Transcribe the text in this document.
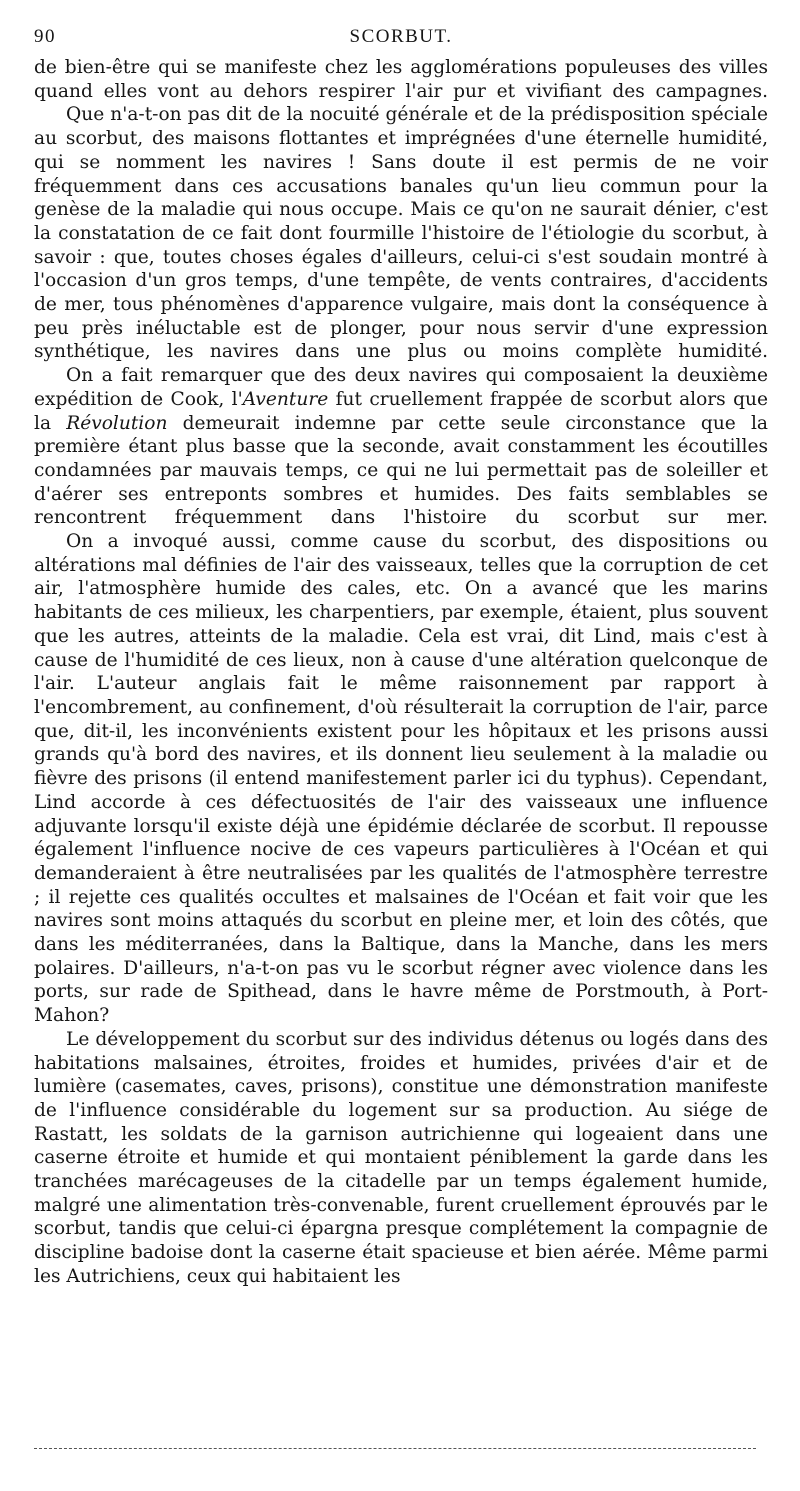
90	SCORBUT.

de bien-être qui se manifeste chez les agglomérations populeuses des villes quand elles vont au dehors respirer l'air pur et vivifiant des campagnes.

Que n'a-t-on pas dit de la nocuité générale et de la prédisposition spéciale au scorbut, des maisons flottantes et imprégnées d'une éternelle humidité, qui se nomment les navires ! Sans doute il est permis de ne voir fréquemment dans ces accusations banales qu'un lieu commun pour la genèse de la maladie qui nous occupe. Mais ce qu'on ne saurait dénier, c'est la constatation de ce fait dont fourmille l'histoire de l'étiologie du scorbut, à savoir : que, toutes choses égales d'ailleurs, celui-ci s'est soudain montré à l'occasion d'un gros temps, d'une tempête, de vents contraires, d'accidents de mer, tous phénomènes d'apparence vulgaire, mais dont la conséquence à peu près inéluctable est de plonger, pour nous servir d'une expression synthétique, les navires dans une plus ou moins complète humidité.

On a fait remarquer que des deux navires qui composaient la deuxième expédition de Cook, l'Aventure fut cruellement frappée de scorbut alors que la Révolution demeurait indemne par cette seule circonstance que la première étant plus basse que la seconde, avait constamment les écoutilles condamnées par mauvais temps, ce qui ne lui permettait pas de soleiller et d'aérer ses entreponts sombres et humides. Des faits semblables se rencontrent fréquemment dans l'histoire du scorbut sur mer.

On a invoqué aussi, comme cause du scorbut, des dispositions ou altérations mal définies de l'air des vaisseaux, telles que la corruption de cet air, l'atmosphère humide des cales, etc. On a avancé que les marins habitants de ces milieux, les charpentiers, par exemple, étaient, plus souvent que les autres, atteints de la maladie. Cela est vrai, dit Lind, mais c'est à cause de l'humidité de ces lieux, non à cause d'une altération quelconque de l'air. L'auteur anglais fait le même raisonnement par rapport à l'encombrement, au confinement, d'où résulterait la corruption de l'air, parce que, dit-il, les inconvénients existent pour les hôpitaux et les prisons aussi grands qu'à bord des navires, et ils donnent lieu seulement à la maladie ou fièvre des prisons (il entend manifestement parler ici du typhus). Cependant, Lind accorde à ces défectuosités de l'air des vaisseaux une influence adjuvante lorsqu'il existe déjà une épidémie déclarée de scorbut. Il repousse également l'influence nocive de ces vapeurs particulières à l'Océan et qui demanderaient à être neutralisées par les qualités de l'atmosphère terrestre ; il rejette ces qualités occultes et malsaines de l'Océan et fait voir que les navires sont moins attaqués du scorbut en pleine mer, et loin des côtés, que dans les méditerranées, dans la Baltique, dans la Manche, dans les mers polaires. D'ailleurs, n'a-t-on pas vu le scorbut régner avec violence dans les ports, sur rade de Spithead, dans le havre même de Porstmouth, à Port-Mahon?

Le développement du scorbut sur des individus détenus ou logés dans des habitations malsaines, étroites, froides et humides, privées d'air et de lumière (casemates, caves, prisons), constitue une démonstration manifeste de l'influence considérable du logement sur sa production. Au siége de Rastatt, les soldats de la garnison autrichienne qui logeaient dans une caserne étroite et humide et qui montaient péniblement la garde dans les tranchées marécageuses de la citadelle par un temps également humide, malgré une alimentation très-convenable, furent cruellement éprouvés par le scorbut, tandis que celui-ci épargna presque complétement la compagnie de discipline badoise dont la caserne était spacieuse et bien aérée. Même parmi les Autrichiens, ceux qui habitaient les
